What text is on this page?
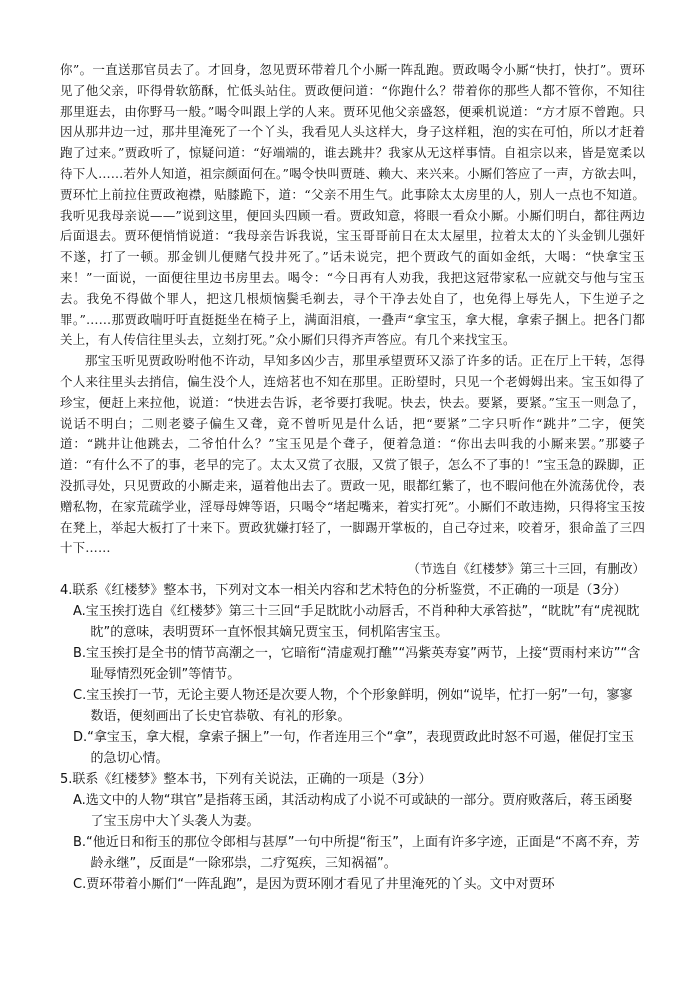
你”。一直送那官员去了。才回身，忽见贾环带着几个小厮一阵乱跑。贾政喝令小厮“快打，快打”。贾环见了他父亲，吓得骨软筋酥，忙低头站住。贾政便问道：“你跑什么？带着你的那些人都不管你，不知往那里逛去，由你野马一般。”喝令叫跟上学的人来。贾环见他父亲盛怒，便乘机说道：“方才原不曾跑。只因从那井边一过，那井里淹死了一个丫头，我看见人头这样大，身子这样粗，泡的实在可怕，所以才赶着跑了过来。”贾政听了，惊疑问道：“好端端的，谁去跳井？我家从无这样事情。自祖宗以来，皆是宽柔以待下人……若外人知道，祖宗颜面何在。”喝令快叫贾琏、赖大、来兴来。小厮们答应了一声，方欲去叫，贾环忙上前拉住贾政袍襟，贴膝跪下，道：“父亲不用生气。此事除太太房里的人，别人一点也不知道。我听见我母亲说——”说到这里，便回头四顾一看。贾政知意，将眼一看众小厮。小厮们明白，都往两边后面退去。贾环便悄悄说道：“我母亲告诉我说，宝玉哥哥前日在太太屋里，拉着太太的丫头金钏儿强奸不遂，打了一顿。那金钏儿便赌气投井死了。”话未说完，把个贾政气的面如金纸，大喝：“快拿宝玉来！”一面说，一面便往里边书房里去。喝令：“今日再有人劝我，我把这冠带家私一应就交与他与宝玉去。我免不得做个罪人，把这几根烦恼鬓毛剃去，寻个干净去处自了，也免得上辱先人，下生逆子之罪。”……那贾政喘吁吁直挺挺坐在椅子上，满面泪痕，一叠声“拿宝玉，拿大棍，拿索子捆上。把各门都关上，有人传信往里头去，立刻打死。”众小厮们只得齐声答应。有几个来找宝玉。

那宝玉听见贾政吩咐他不许动，早知多凶少吉，那里承望贾环又添了许多的话。正在厅上干转，怎得个人来往里头去捎信，偏生没个人，连焙茗也不知在那里。正盼望时，只见一个老姆姆出来。宝玉如得了珍宝，便赶上来拉他，说道：“快进去告诉，老爷要打我呢。快去，快去。要紧，要紧。”宝玉一则急了，说话不明白；二则老婆子偏生又聋，竟不曾听见是什么话，把“要紧”二字只听作“跳井”二字，便笑道：“跳井让他跳去，二爷怕什么？”宝玉见是个聋子，便着急道：“你出去叫我的小厮来罢。”那婆子道：“有什么不了的事，老早的完了。太太又赏了衣服，又赏了银子，怎么不了事的！”宝玉急的跺脚，正没抓寻处，只见贾政的小厮走来，逼着他出去了。贾政一见，眼都红紫了，也不暇问他在外流荡优伶，表赠私物，在家荒疏学业，淫辱母婢等语，只喝令“堵起嘴来，着实打死”。小厮们不敢违拗，只得将宝玉按在凳上，举起大板打了十来下。贾政犹嫌打轻了，一脚踢开掌板的，自己夺过来，咬着牙，狠命盖了三四十下……

（节选自《红楼梦》第三十三回，有删改）

4.联系《红楼梦》整本书，下列对文本一相关内容和艺术特色的分析鉴赏，不正确的一项是（3分）

A.宝玉挨打选自《红楼梦》第三十三回“手足眈眈小动唇舌，不肖种种大承笞挞”，“眈眈”有“虎视眈眈”的意味，表明贾环一直怀恨其嫡兄贾宝玉，伺机陷害宝玉。

B.宝玉挨打是全书的情节高潮之一，它暗衔“清虚观打醮”“冯紫英寿宴”两节，上接“贾雨村来访”“含耻辱情烈死金钏”等情节。

C.宝玉挨打一节，无论主要人物还是次要人物，个个形象鲜明，例如“说毕，忙打一躬”一句，寥寥数语，便刻画出了长史官恭敬、有礼的形象。

D.“拿宝玉，拿大棍，拿索子捆上”一句，作者连用三个“拿”，表现贾政此时怒不可遏，催促打宝玉的急切心情。

5.联系《红楼梦》整本书，下列有关说法，正确的一项是（3分）

A.选文中的人物“琪官”是指蒋玉函，其活动构成了小说不可或缺的一部分。贾府败落后，蒋玉函娶了宝玉房中大丫头袭人为妻。

B.“他近日和衔玉的那位令郎相与甚厚”一句中所提“衔玉”，上面有许多字迹，正面是“不离不弃，芳龄永继”，反面是“一除邪祟，二疗冤疾，三知祸福”。

C.贾环带着小厮们“一阵乱跑”，是因为贾环刚才看见了井里淹死的丫头。文中对贾环
